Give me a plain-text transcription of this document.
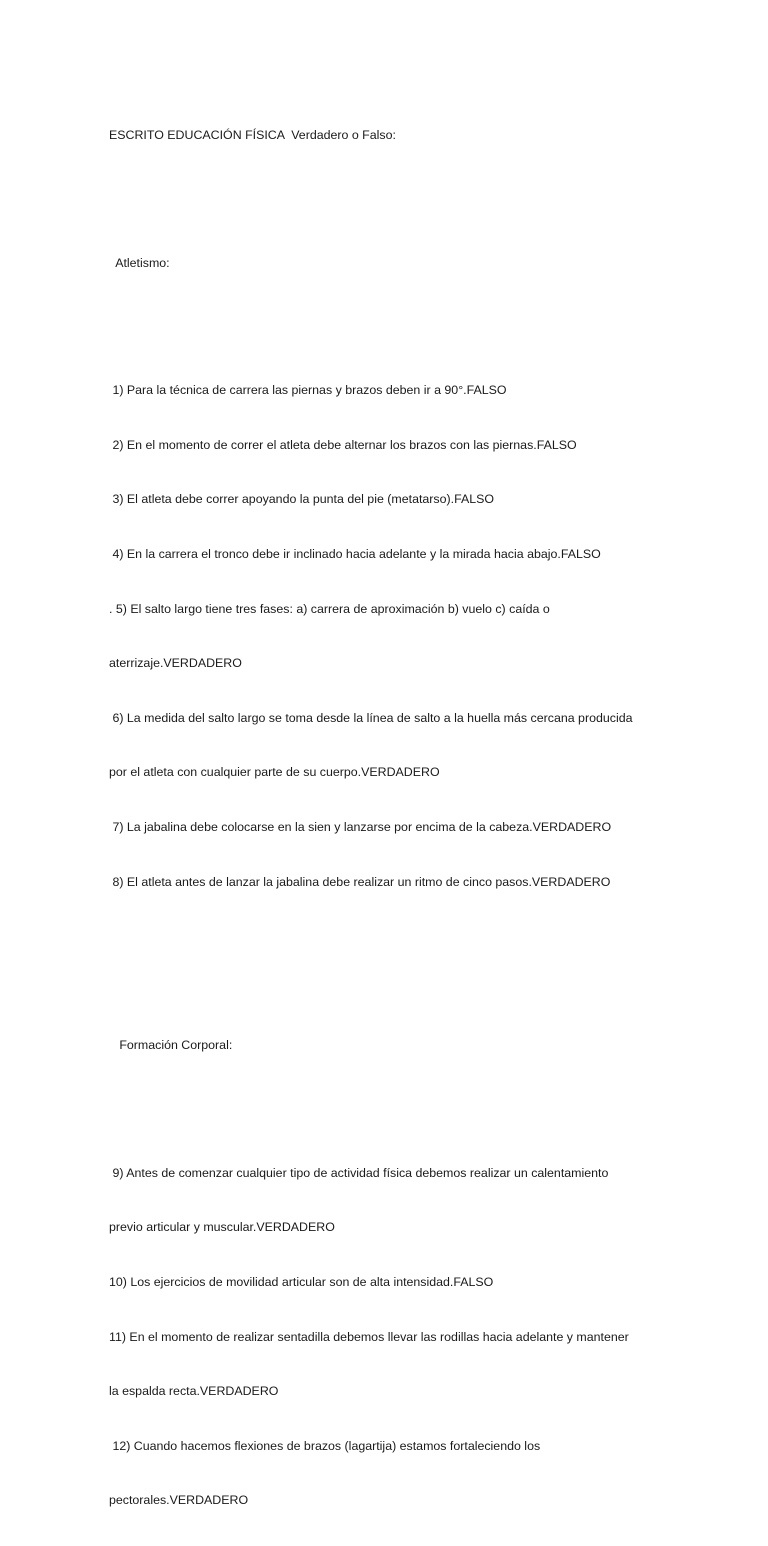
ESCRITO EDUCACIÓN FÍSICA  Verdadero o Falso:

Atletismo:

1) Para la técnica de carrera las piernas y brazos deben ir a 90°.FALSO

2) En el momento de correr el atleta debe alternar los brazos con las piernas.FALSO

3) El atleta debe correr apoyando la punta del pie (metatarso).FALSO

4) En la carrera el tronco debe ir inclinado hacia adelante y la mirada hacia abajo.FALSO

. 5) El salto largo tiene tres fases: a) carrera de aproximación b) vuelo c) caída o

aterrizaje.VERDADERO

6) La medida del salto largo se toma desde la línea de salto a la huella más cercana producida

por el atleta con cualquier parte de su cuerpo.VERDADERO

7) La jabalina debe colocarse en la sien y lanzarse por encima de la cabeza.VERDADERO

8) El atleta antes de lanzar la jabalina debe realizar un ritmo de cinco pasos.VERDADERO

Formación Corporal:

9) Antes de comenzar cualquier tipo de actividad física debemos realizar un calentamiento

previo articular y muscular.VERDADERO

10) Los ejercicios de movilidad articular son de alta intensidad.FALSO

11) En el momento de realizar sentadilla debemos llevar las rodillas hacia adelante y mantener

la espalda recta.VERDADERO

12) Cuando hacemos flexiones de brazos (lagartija) estamos fortaleciendo los

pectorales.VERDADERO
